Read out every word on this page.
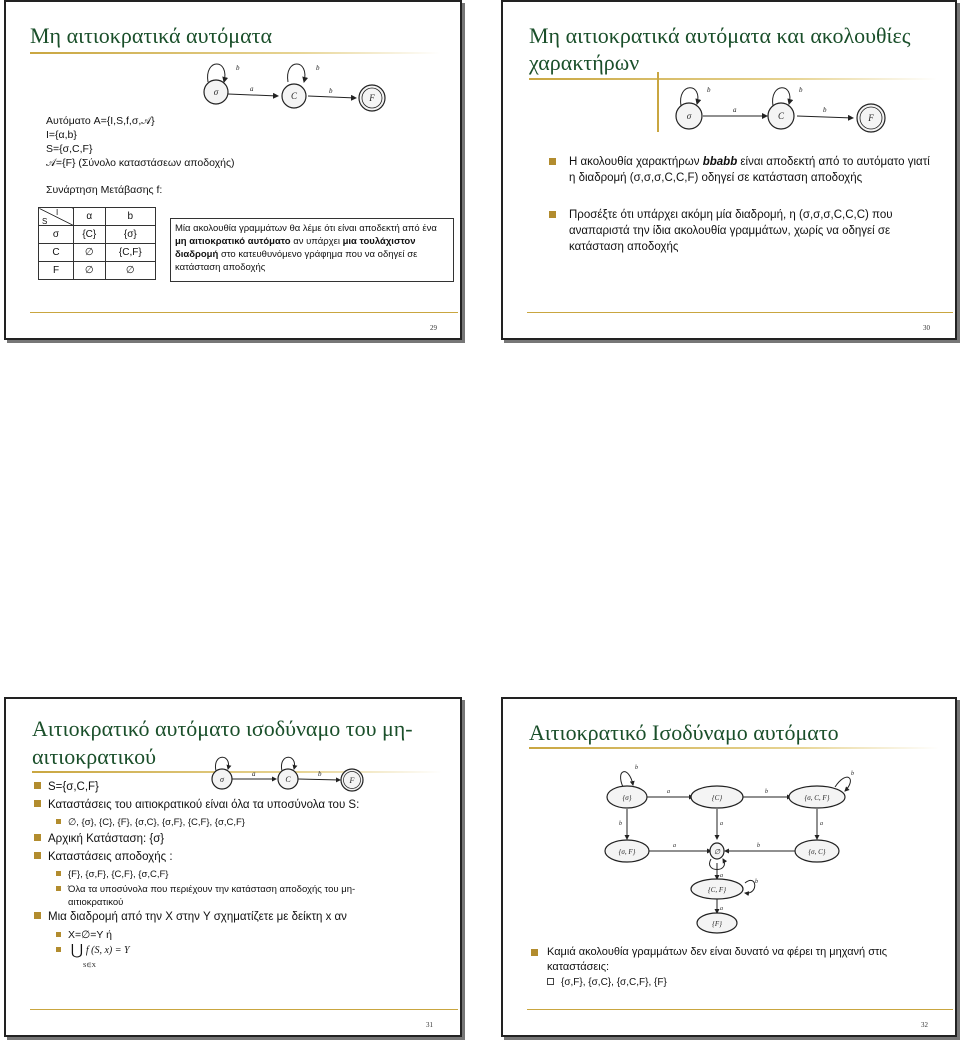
Μη αιτιοκρατικά αυτόματα
σ	C	F
a	b
b	b
Αυτόματο A={I,S,f,σ,𝒜}
I={α,b}
S={σ,C,F}
𝒜={F} (Σύνολο καταστάσεων αποδοχής)
Συνάρτηση Μετάβασης f:
I
S	α	b
σ	{C}	{σ}
C	∅	{C,F}
F	∅	∅
Μία ακολουθία γραμμάτων θα λέμε ότι είναι αποδεκτή από ένα μη αιτιοκρατικό αυτόματο αν υπάρχει μια τουλάχιστον διαδρομή στο κατευθυνόμενο γράφημα που να οδηγεί σε κατάσταση αποδοχής
29
Μη αιτιοκρατικά αυτόματα και ακολουθίες
χαρακτήρων
σ	C	F
a	b
b	b
Η ακολουθία χαρακτήρων bbabb είναι αποδεκτή από το αυτόματο γιατί η διαδρομή (σ,σ,σ,C,C,F) οδηγεί σε κατάσταση αποδοχής
Προσέξτε ότι υπάρχει ακόμη μία διαδρομή, η (σ,σ,σ,C,C,C) που αναπαριστά την ίδια ακολουθία γραμμάτων, χωρίς να οδηγεί σε κατάσταση αποδοχής
30
Αιτιοκρατικό αυτόματο ισοδύναμο του μη-
αιτιοκρατικού
σ	C	F
a	b
S={σ,C,F}
Καταστάσεις του αιτιοκρατικού είναι όλα τα υποσύνολα του S:
∅, {σ}, {C}, {F}, {σ,C}, {σ,F}, {C,F}, {σ,C,F}
Αρχική Κατάσταση: {σ}
Καταστάσεις αποδοχής :
{F}, {σ,F}, {C,F}, {σ,C,F}
Όλα τα υποσύνολα που περιέχουν την κατάσταση αποδοχής του μη-
αιτιοκρατικού
Μια διαδρομή από την X στην Y σχηματίζετε με δείκτη x αν
X=∅=Y ή
⋃ f (S, x) = Y
S∈X
31
Αιτιοκρατικό Ισοδύναμο αυτόματο
{σ}	{C}	{σ, C, F}
{σ, F}	∅	{σ, C}
{C, F}
{F}
a	b
b
b
a
b	a
a	b
a
b
a
Καμιά ακολουθία γραμμάτων δεν είναι δυνατό να φέρει τη μηχανή στις καταστάσεις:
{σ,F}, {σ,C}, {σ,C,F}, {F}
32
